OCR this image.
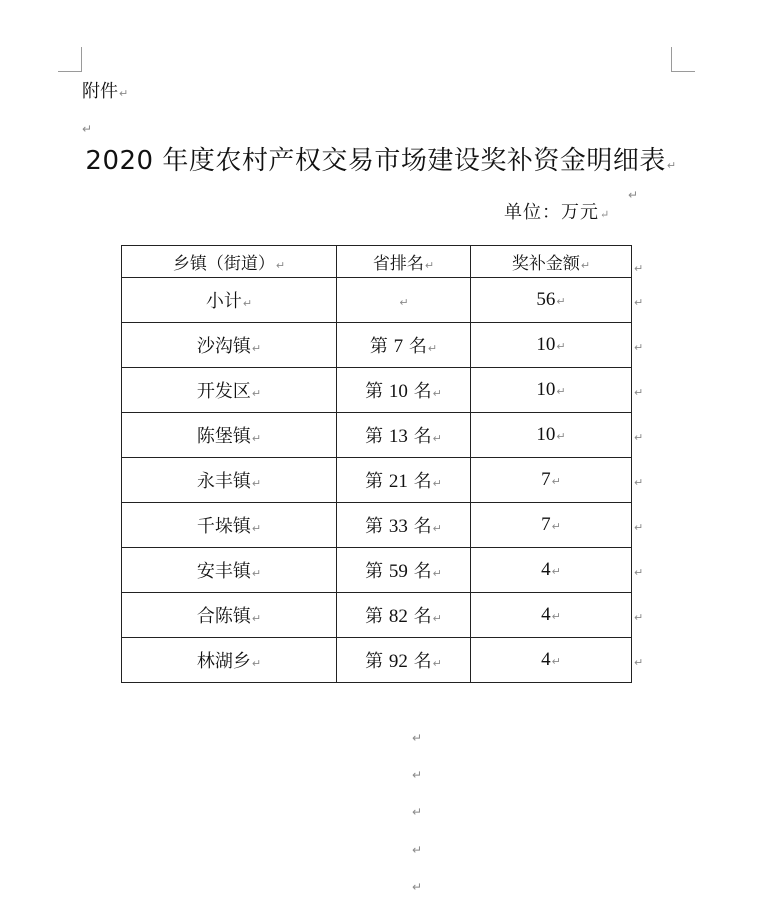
附件↵
↵
2020 年度农村产权交易市场建设奖补资金明细表↵
↵
单位：万元↵
乡镇（街道）↵	省排名↵	奖补金额↵
小计↵	↵	56↵
沙沟镇↵	第 7 名↵	10↵
开发区↵	第 10 名↵	10↵
陈堡镇↵	第 13 名↵	10↵
永丰镇↵	第 21 名↵	7↵
千垛镇↵	第 33 名↵	7↵
安丰镇↵	第 59 名↵	4↵
合陈镇↵	第 82 名↵	4↵
林湖乡↵	第 92 名↵	4↵
↵
↵
↵
↵
↵
↵
↵
↵
↵
↵
↵
↵
↵
↵
↵
